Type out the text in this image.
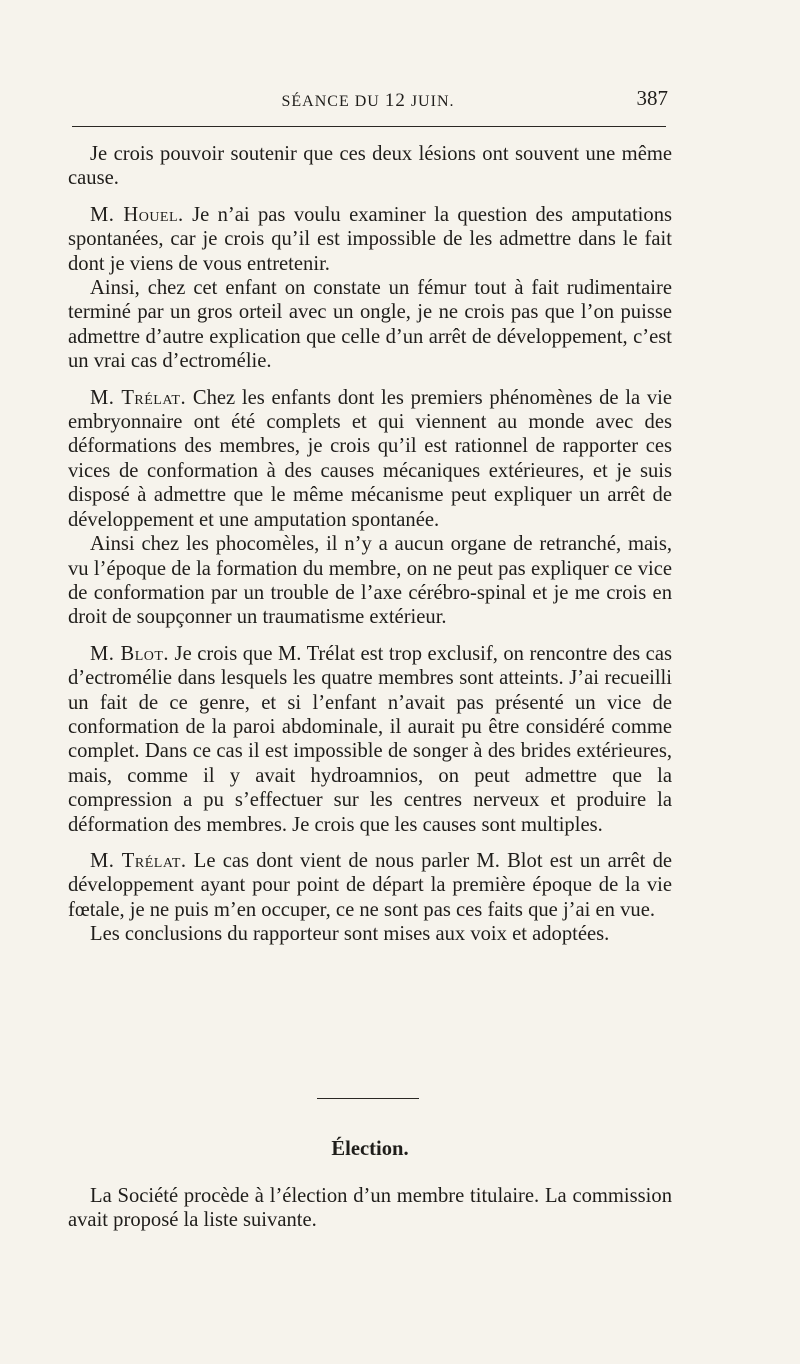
SÉANCE DU 12 JUIN.	387

Je crois pouvoir soutenir que ces deux lésions ont souvent une même cause.

M. Houel. Je n’ai pas voulu examiner la question des amputations spontanées, car je crois qu’il est impossible de les admettre dans le fait dont je viens de vous entretenir.

Ainsi, chez cet enfant on constate un fémur tout à fait rudimentaire terminé par un gros orteil avec un ongle, je ne crois pas que l’on puisse admettre d’autre explication que celle d’un arrêt de développement, c’est un vrai cas d’ectromélie.

M. Trélat. Chez les enfants dont les premiers phénomènes de la vie embryonnaire ont été complets et qui viennent au monde avec des déformations des membres, je crois qu’il est rationnel de rapporter ces vices de conformation à des causes mécaniques extérieures, et je suis disposé à admettre que le même mécanisme peut expliquer un arrêt de développement et une amputation spontanée.

Ainsi chez les phocomèles, il n’y a aucun organe de retranché, mais, vu l’époque de la formation du membre, on ne peut pas expliquer ce vice de conformation par un trouble de l’axe cérébro-spinal et je me crois en droit de soupçonner un traumatisme extérieur.

M. Blot. Je crois que M. Trélat est trop exclusif, on rencontre des cas d’ectromélie dans lesquels les quatre membres sont atteints. J’ai recueilli un fait de ce genre, et si l’enfant n’avait pas présenté un vice de conformation de la paroi abdominale, il aurait pu être considéré comme complet. Dans ce cas il est impossible de songer à des brides extérieures, mais, comme il y avait hydroamnios, on peut admettre que la compression a pu s’effectuer sur les centres nerveux et produire la déformation des membres. Je crois que les causes sont multiples.

M. Trélat. Le cas dont vient de nous parler M. Blot est un arrêt de développement ayant pour point de départ la première époque de la vie fœtale, je ne puis m’en occuper, ce ne sont pas ces faits que j’ai en vue.

Les conclusions du rapporteur sont mises aux voix et adoptées.

Élection.

La Société procède à l’élection d’un membre titulaire. La commission avait proposé la liste suivante.
